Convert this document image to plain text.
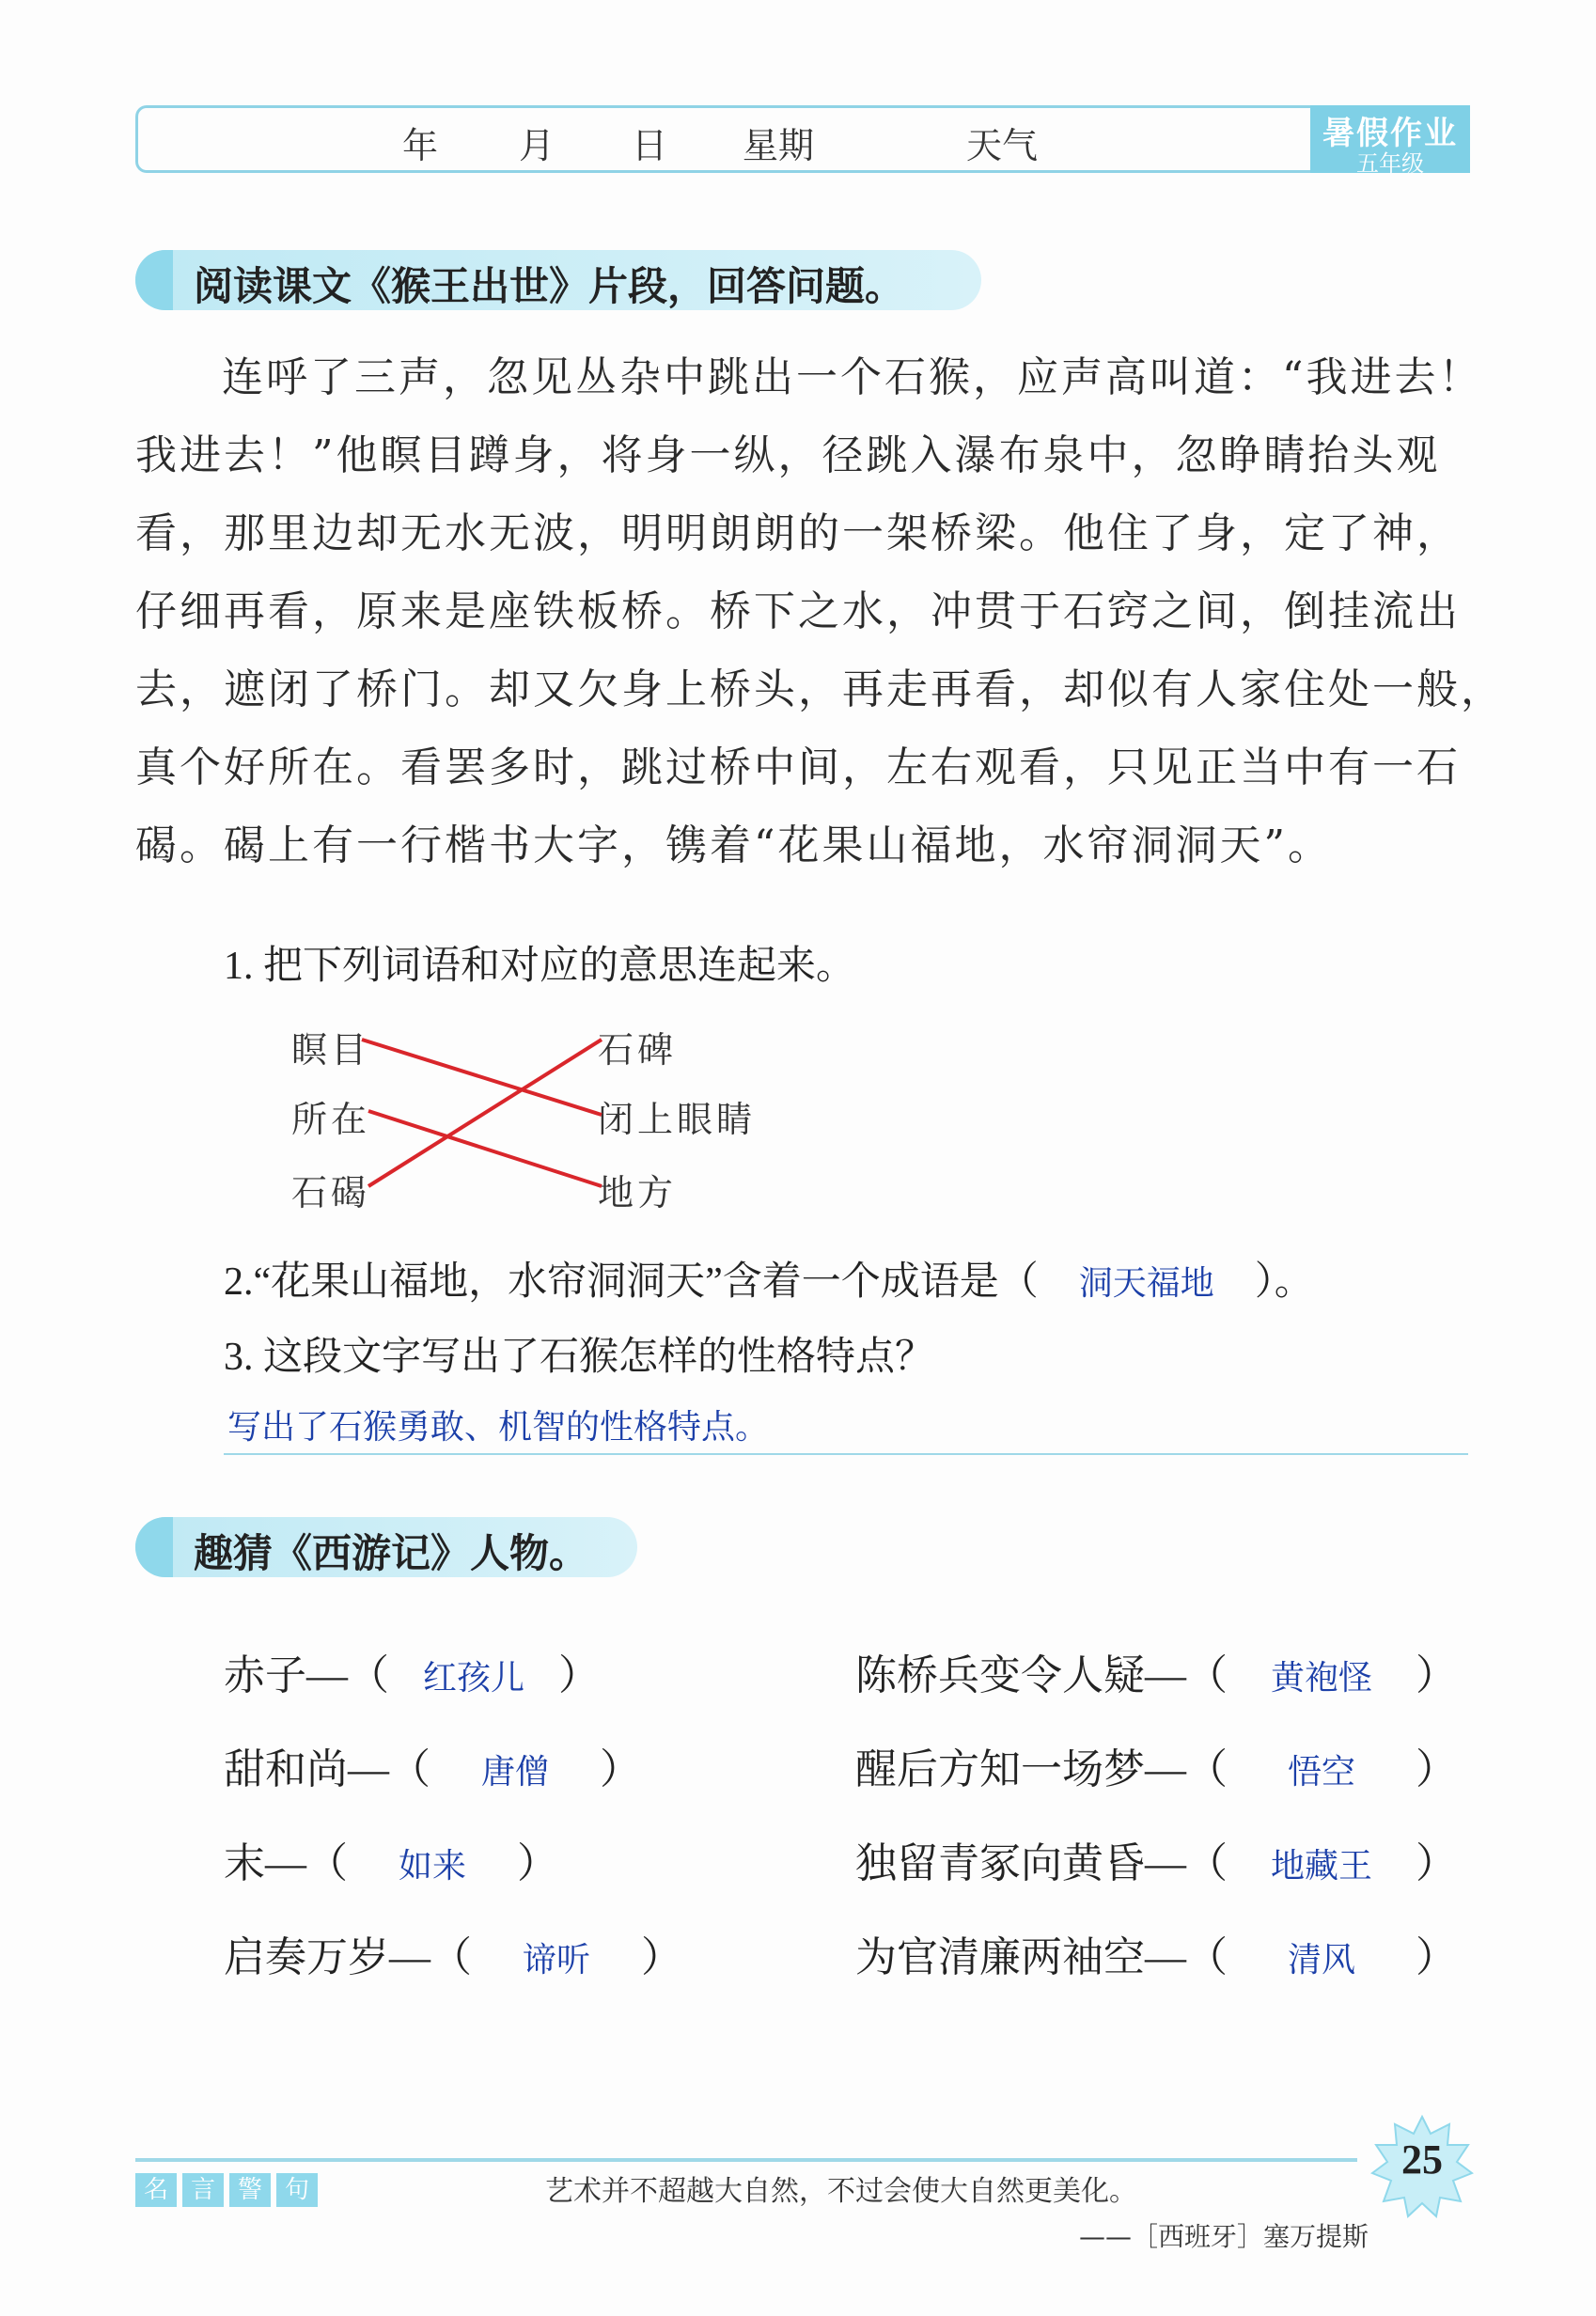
年 月 日 星期	天气	暑假作业
五年级
阅读课文《猴王出世》片段，回答问题。
连呼了三声，忽见丛杂中跳出一个石猴，应声高叫道：“我进去！
我进去！”他瞑目蹲身，将身一纵，径跳入瀑布泉中，忽睁睛抬头观
看，那里边却无水无波，明明朗朗的一架桥梁。他住了身，定了神，
仔细再看，原来是座铁板桥。桥下之水，冲贯于石窍之间，倒挂流出
去，遮闭了桥门。却又欠身上桥头，再走再看，却似有人家住处一般，
真个好所在。看罢多时，跳过桥中间，左右观看，只见正当中有一石
碣。碣上有一行楷书大字，镌着“花果山福地，水帘洞洞天”。
1. 把下列词语和对应的意思连起来。
瞑目
所在
石碣
石碑
闭上眼睛
地方
2.“花果山福地，水帘洞洞天”含着一个成语是（ 洞天福地 ）。
3. 这段文字写出了石猴怎样的性格特点？
写出了石猴勇敢、机智的性格特点。
趣猜《西游记》人物。
赤子—（ 红孩儿 ）
甜和尚—（ 唐僧 ）
末—（ 如来 ）
启奏万岁—（ 谛听 ）
陈桥兵变令人疑—（ 黄袍怪 ）
醒后方知一场梦—（ 悟空 ）
独留青冢向黄昏—（ 地藏王 ）
为官清廉两袖空—（ 清风 ）
名 言 警 句	艺术并不超越大自然，不过会使大自然更美化。
——［西班牙］塞万提斯
25
